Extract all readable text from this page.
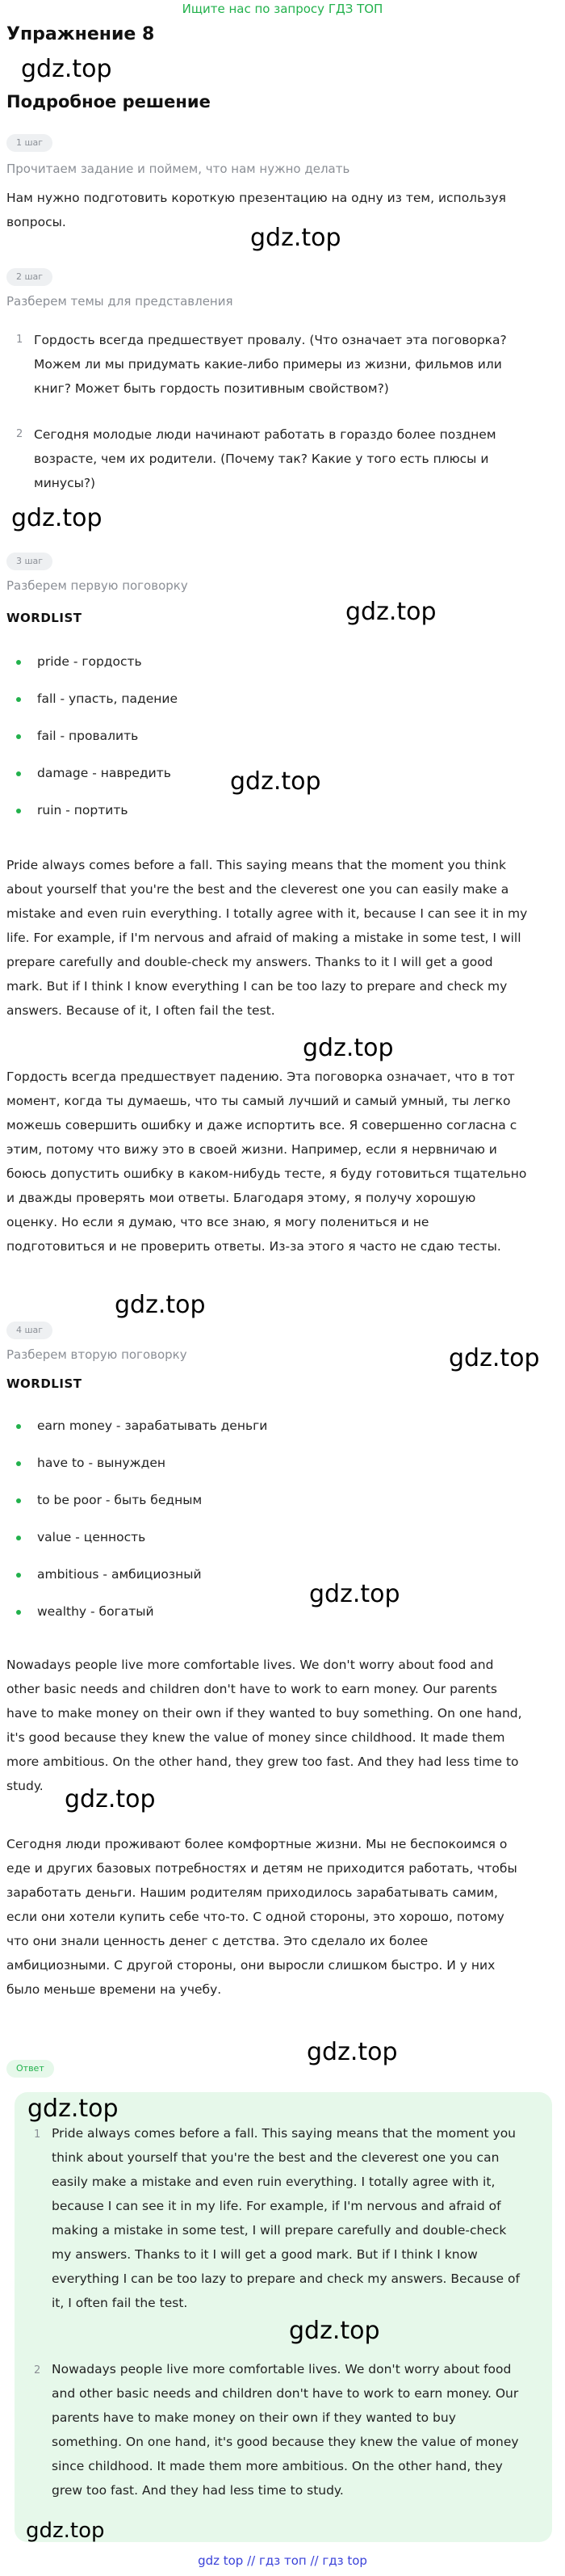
Ищите нас по запросу ГДЗ ТОП
Упражнение 8
gdz.top
Подробное решение
1 шаг
Прочитаем задание и поймем, что нам нужно делать
Нам нужно подготовить короткую презентацию на одну из тем, используя вопросы.
gdz.top
2 шаг
Разберем темы для представления
1 Гордость всегда предшествует провалу. (Что означает эта поговорка? Можем ли мы придумать какие-либо примеры из жизни, фильмов или книг? Может быть гордость позитивным свойством?)
2 Сегодня молодые люди начинают работать в гораздо более позднем возрасте, чем их родители. (Почему так? Какие у того есть плюсы и минусы?)
gdz.top
3 шаг
Разберем первую поговорку
gdz.top
WORDLIST
pride - гордость
fall - упасть, падение
fail - провалить
damage - навредить gdz.top
ruin - портить
Pride always comes before a fall. This saying means that the moment you think about yourself that you're the best and the cleverest one you can easily make a mistake and even ruin everything. I totally agree with it, because I can see it in my life. For example, if I'm nervous and afraid of making a mistake in some test, I will prepare carefully and double-check my answers. Thanks to it I will get a good mark. But if I think I know everything I can be too lazy to prepare and check my answers. Because of it, I often fail the test.
gdz.top
Гордость всегда предшествует падению. Эта поговорка означает, что в тот момент, когда ты думаешь, что ты самый лучший и самый умный, ты легко можешь совершить ошибку и даже испортить все. Я совершенно согласна с этим, потому что вижу это в своей жизни. Например, если я нервничаю и боюсь допустить ошибку в каком-нибудь тесте, я буду готовиться тщательно и дважды проверять мои ответы. Благодаря этому, я получу хорошую оценку. Но если я думаю, что все знаю, я могу полениться и не подготовиться и не проверить ответы. Из-за этого я часто не сдаю тесты.
gdz.top
4 шаг
gdz.top
Разберем вторую поговорку
WORDLIST
earn money - зарабатывать деньги
have to - вынужден
to be poor - быть бедным
value - ценность
ambitious - амбициозный
gdz.top
wealthy - богатый
Nowadays people live more comfortable lives. We don't worry about food and other basic needs and children don't have to work to earn money. Our parents have to make money on their own if they wanted to buy something. On one hand, it's good because they knew the value of money since childhood. It made them more ambitious. On the other hand, they grew too fast. And they had less time to study. gdz.top
Сегодня люди проживают более комфортные жизни. Мы не беспокоимся о еде и других базовых потребностях и детям не приходится работать, чтобы заработать деньги. Нашим родителям приходилось зарабатывать самим, если они хотели купить себе что-то. С одной стороны, это хорошо, потому что они знали ценность денег с детства. Это сделало их более амбициозными. С другой стороны, они выросли слишком быстро. И у них было меньше времени на учебу.
gdz.top
Ответ
gdz.top
1 Pride always comes before a fall. This saying means that the moment you think about yourself that you're the best and the cleverest one you can easily make a mistake and even ruin everything. I totally agree with it, because I can see it in my life. For example, if I'm nervous and afraid of making a mistake in some test, I will prepare carefully and double-check my answers. Thanks to it I will get a good mark. But if I think I know everything I can be too lazy to prepare and check my answers. Because of it, I often fail the test.
gdz.top
2 Nowadays people live more comfortable lives. We don't worry about food and other basic needs and children don't have to work to earn money. Our parents have to make money on their own if they wanted to buy something. On one hand, it's good because they knew the value of money since childhood. It made them more ambitious. On the other hand, they grew too fast. And they had less time to study.
gdz.top
gdz top // гдз топ // гдз top
